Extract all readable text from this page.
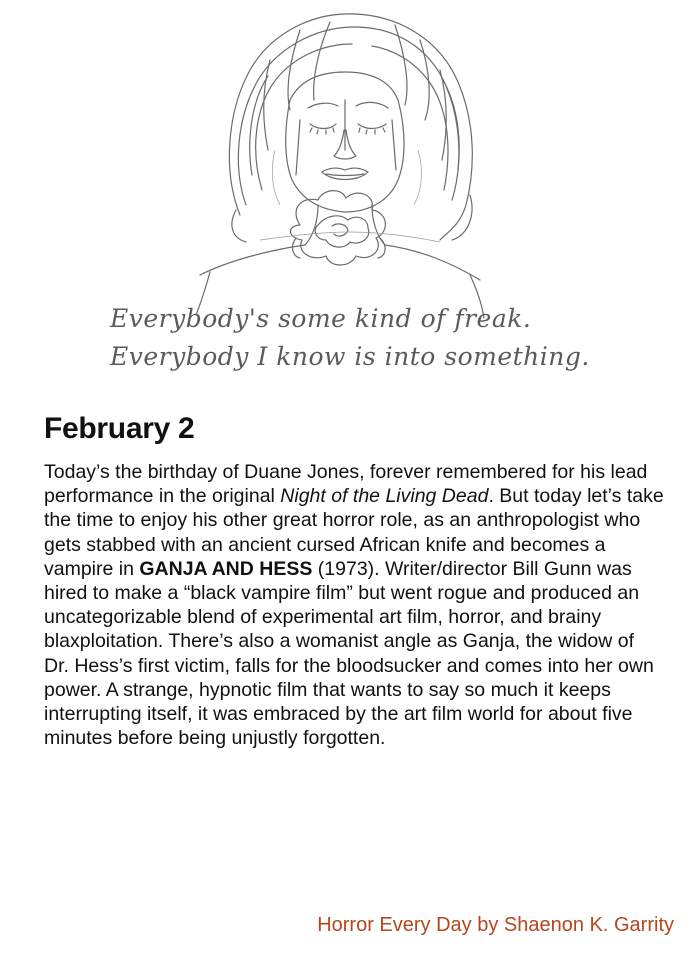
Everybody's some kind of freak.
Everybody I know is into something.
February 2

Today’s the birthday of Duane Jones, forever remembered for his lead performance in the original Night of the Living Dead. But today let’s take the time to enjoy his other great horror role, as an anthropologist who gets stabbed with an ancient cursed African knife and becomes a vampire in GANJA AND HESS (1973). Writer/director Bill Gunn was hired to make a “black vampire film” but went rogue and produced an uncategorizable blend of experimental art film, horror, and brainy blaxploitation. There’s also a womanist angle as Ganja, the widow of Dr. Hess’s first victim, falls for the bloodsucker and comes into her own power. A strange, hypnotic film that wants to say so much it keeps interrupting itself, it was embraced by the art film world for about five minutes before being unjustly forgotten.

Horror Every Day by Shaenon K. Garrity
